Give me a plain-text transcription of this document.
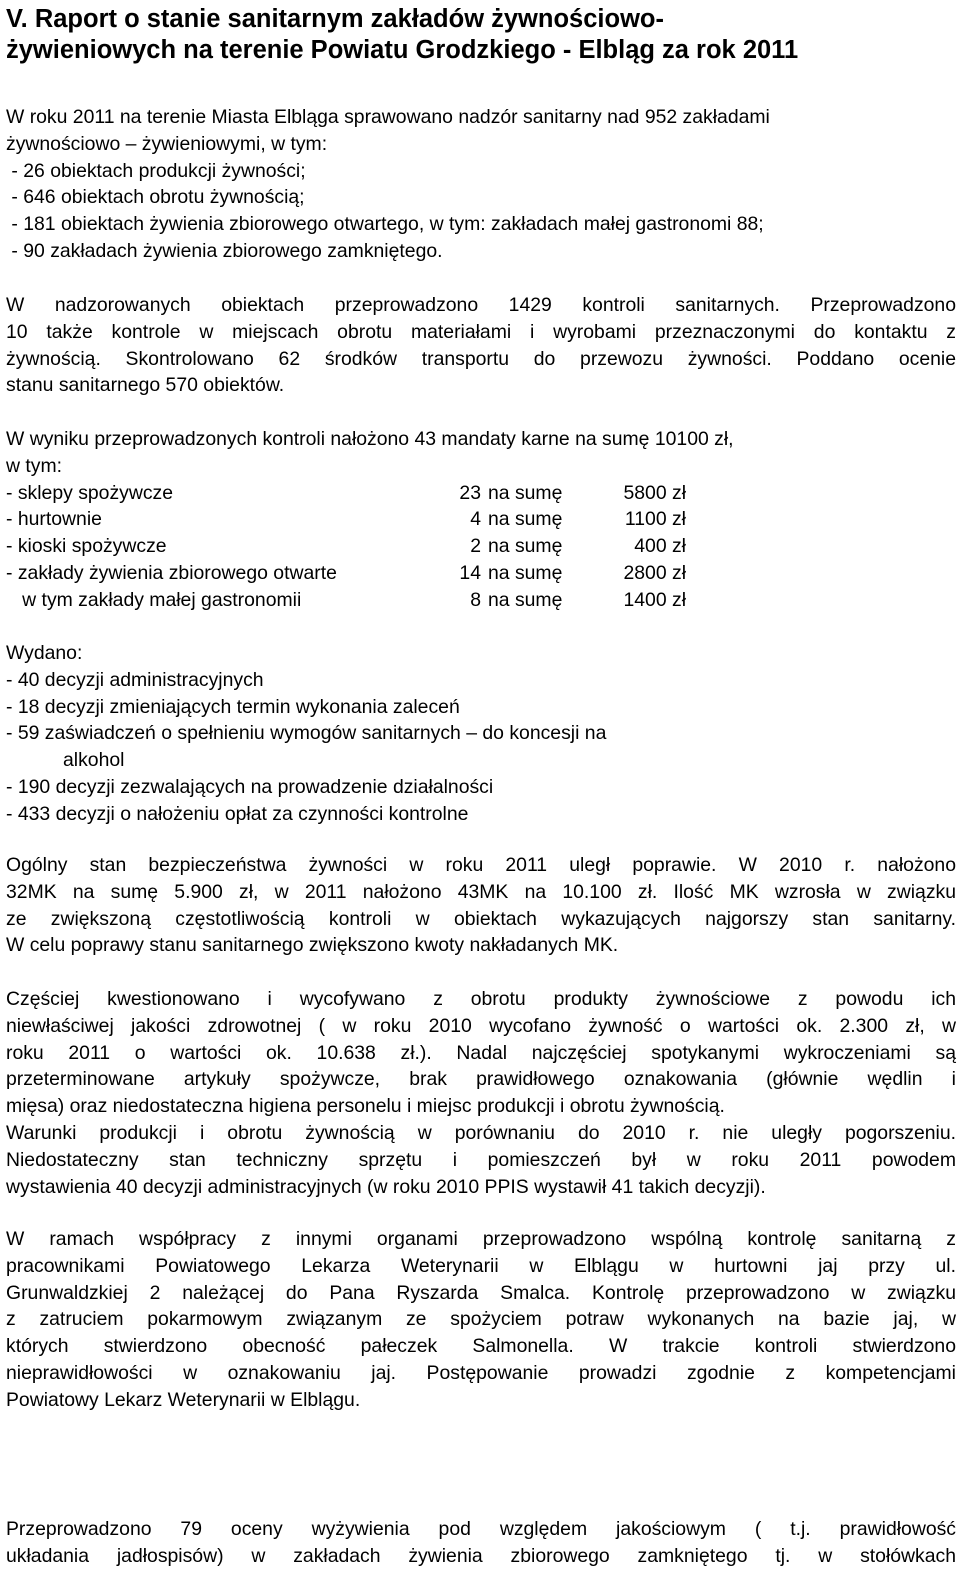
V. Raport o stanie sanitarnym zakładów żywnościowo-
żywieniowych na terenie Powiatu Grodzkiego - Elbląg za rok 2011

W roku 2011 na terenie Miasta Elbląga sprawowano nadzór sanitarny nad 952 zakładami

żywnościowo – żywieniowymi, w tym:

- 26 obiektach produkcji żywności;

- 646 obiektach obrotu żywnością;

- 181 obiektach żywienia zbiorowego otwartego, w tym: zakładach małej gastronomi 88;

- 90 zakładach żywienia zbiorowego zamkniętego.

W nadzorowanych obiektach przeprowadzono 1429 kontroli sanitarnych. Przeprowadzono

10 także kontrole w miejscach obrotu materiałami i wyrobami przeznaczonymi do kontaktu z

żywnością. Skontrolowano 62 środków transportu do przewozu żywności. Poddano ocenie

stanu sanitarnego 570 obiektów.

W wyniku przeprowadzonych kontroli nałożono 43 mandaty karne na sumę 10100 zł,

w tym:

- sklepy spożywcze	23 na sumę	5800 zł
- hurtownie	4 na sumę	1100 zł
- kioski spożywcze	2 na sumę	400 zł
- zakłady żywienia zbiorowego otwarte	14 na sumę	2800 zł
w tym zakłady małej gastronomii	8 na sumę	1400 zł

Wydano:

- 40 decyzji administracyjnych

- 18 decyzji zmieniających termin wykonania zaleceń

- 59 zaświadczeń o spełnieniu wymogów sanitarnych – do koncesji na

alkohol

- 190 decyzji zezwalających na prowadzenie działalności

- 433 decyzji o nałożeniu opłat za czynności kontrolne

Ogólny stan bezpieczeństwa żywności w roku 2011 uległ poprawie. W 2010 r. nałożono

32MK na sumę 5.900 zł, w 2011 nałożono 43MK na 10.100 zł. Ilość MK wzrosła w związku

ze zwiększoną częstotliwością kontroli w obiektach wykazujących najgorszy stan sanitarny.

W celu poprawy stanu sanitarnego zwiększono kwoty nakładanych MK.

Częściej kwestionowano i wycofywano z obrotu produkty żywnościowe z powodu ich

niewłaściwej jakości zdrowotnej ( w roku 2010 wycofano żywność o wartości ok. 2.300 zł, w

roku 2011 o wartości ok. 10.638 zł.). Nadal najczęściej spotykanymi wykroczeniami są

przeterminowane artykuły spożywcze, brak prawidłowego oznakowania (głównie wędlin i

mięsa) oraz niedostateczna higiena personelu i miejsc produkcji i obrotu żywnością.

Warunki produkcji i obrotu żywnością w porównaniu do 2010 r. nie uległy pogorszeniu.

Niedostateczny stan techniczny sprzętu i pomieszczeń był w roku 2011 powodem

wystawienia 40 decyzji administracyjnych (w roku 2010 PPIS wystawił 41 takich decyzji).

W ramach współpracy z innymi organami przeprowadzono wspólną kontrolę sanitarną z

pracownikami Powiatowego Lekarza Weterynarii w Elblągu w hurtowni jaj przy ul.

Grunwaldzkiej 2 należącej do Pana Ryszarda Smalca. Kontrolę przeprowadzono w związku

z zatruciem pokarmowym związanym ze spożyciem potraw wykonanych na bazie jaj, w

których stwierdzono obecność pałeczek Salmonella. W trakcie kontroli stwierdzono

nieprawidłowości w oznakowaniu jaj. Postępowanie prowadzi zgodnie z kompetencjami

Powiatowy Lekarz Weterynarii w Elblągu.

Przeprowadzono 79 oceny wyżywienia pod względem jakościowym ( t.j. prawidłowość

układania jadłospisów) w zakładach żywienia zbiorowego zamkniętego tj. w stołówkach
